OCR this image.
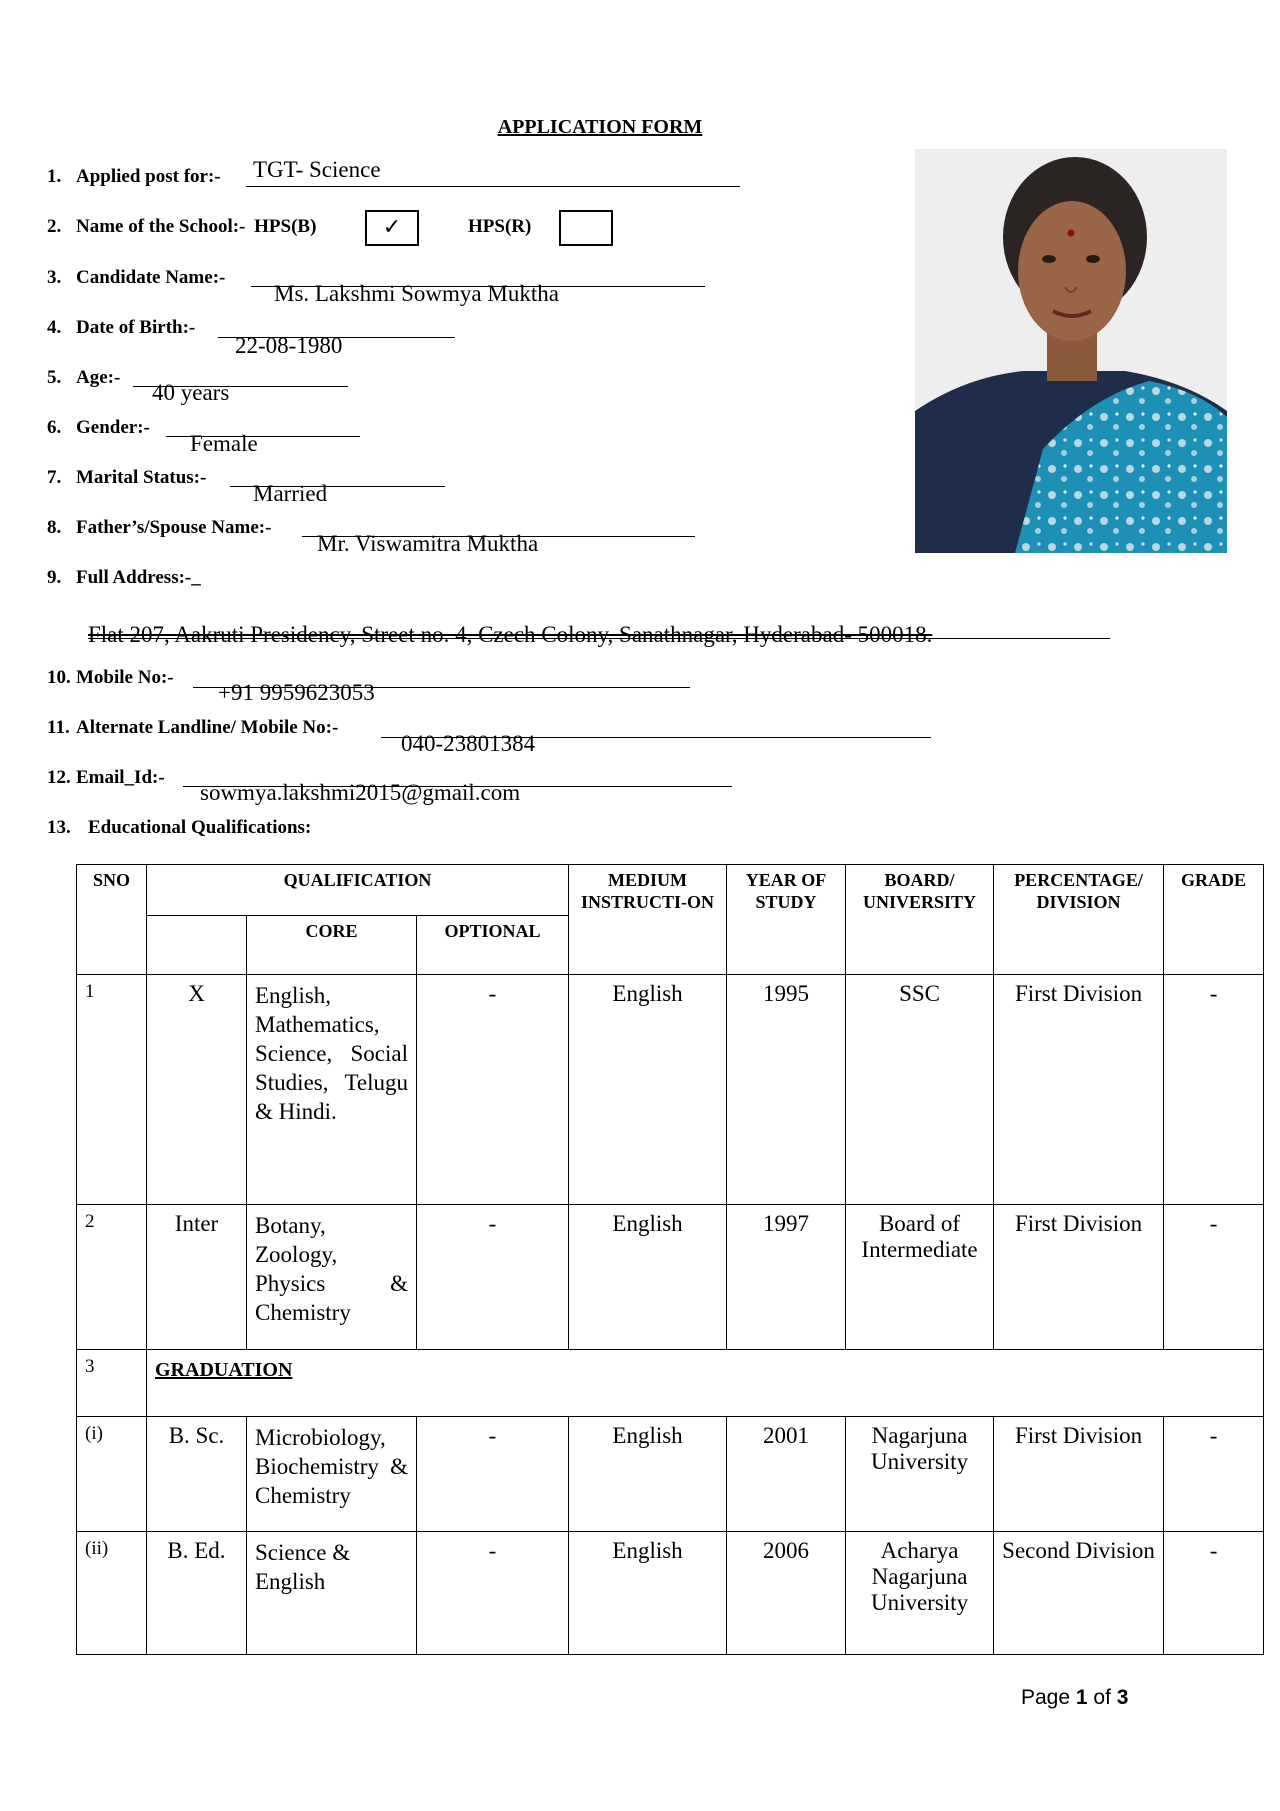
APPLICATION FORM
1. Applied post for:- TGT- Science
2. Name of the School:- HPS(B)	✓	HPS(R)
3. Candidate Name:-
Ms. Lakshmi Sowmya Muktha
4. Date of Birth:-
22-08-1980
5. Age:-
40 years
6. Gender:-
Female
7. Marital Status:-
Married
8. Father’s/Spouse Name:-
Mr. Viswamitra Muktha
9. Full Address:-_
Flat 207, Aakruti Presidency, Street no. 4, Czech Colony, Sanathnagar, Hyderabad- 500018.
10. Mobile No:-
+91 9959623053
11. Alternate Landline/ Mobile No:-
040-23801384
12. Email_Id:-
sowmya.lakshmi2015@gmail.com
13. Educational Qualifications:
SNO	QUALIFICATION			MEDIUM INSTRUCTI-ON	YEAR OF STUDY	BOARD/ UNIVERSITY	PERCENTAGE/ DIVISION	GRADE
		CORE	OPTIONAL					
1	X	English, Mathematics, Science, Social Studies, Telugu & Hindi.	-	English	1995	SSC	First Division	-
2	Inter	Botany, Zoology, Physics & Chemistry	-	English	1997	Board of Intermediate	First Division	-
3	GRADUATION							
(i)	B. Sc.	Microbiology, Biochemistry & Chemistry	-	English	2001	Nagarjuna University	First Division	-
(ii)	B. Ed.	Science & English	-	English	2006	Acharya Nagarjuna University	Second Division	-
Page 1 of 3
